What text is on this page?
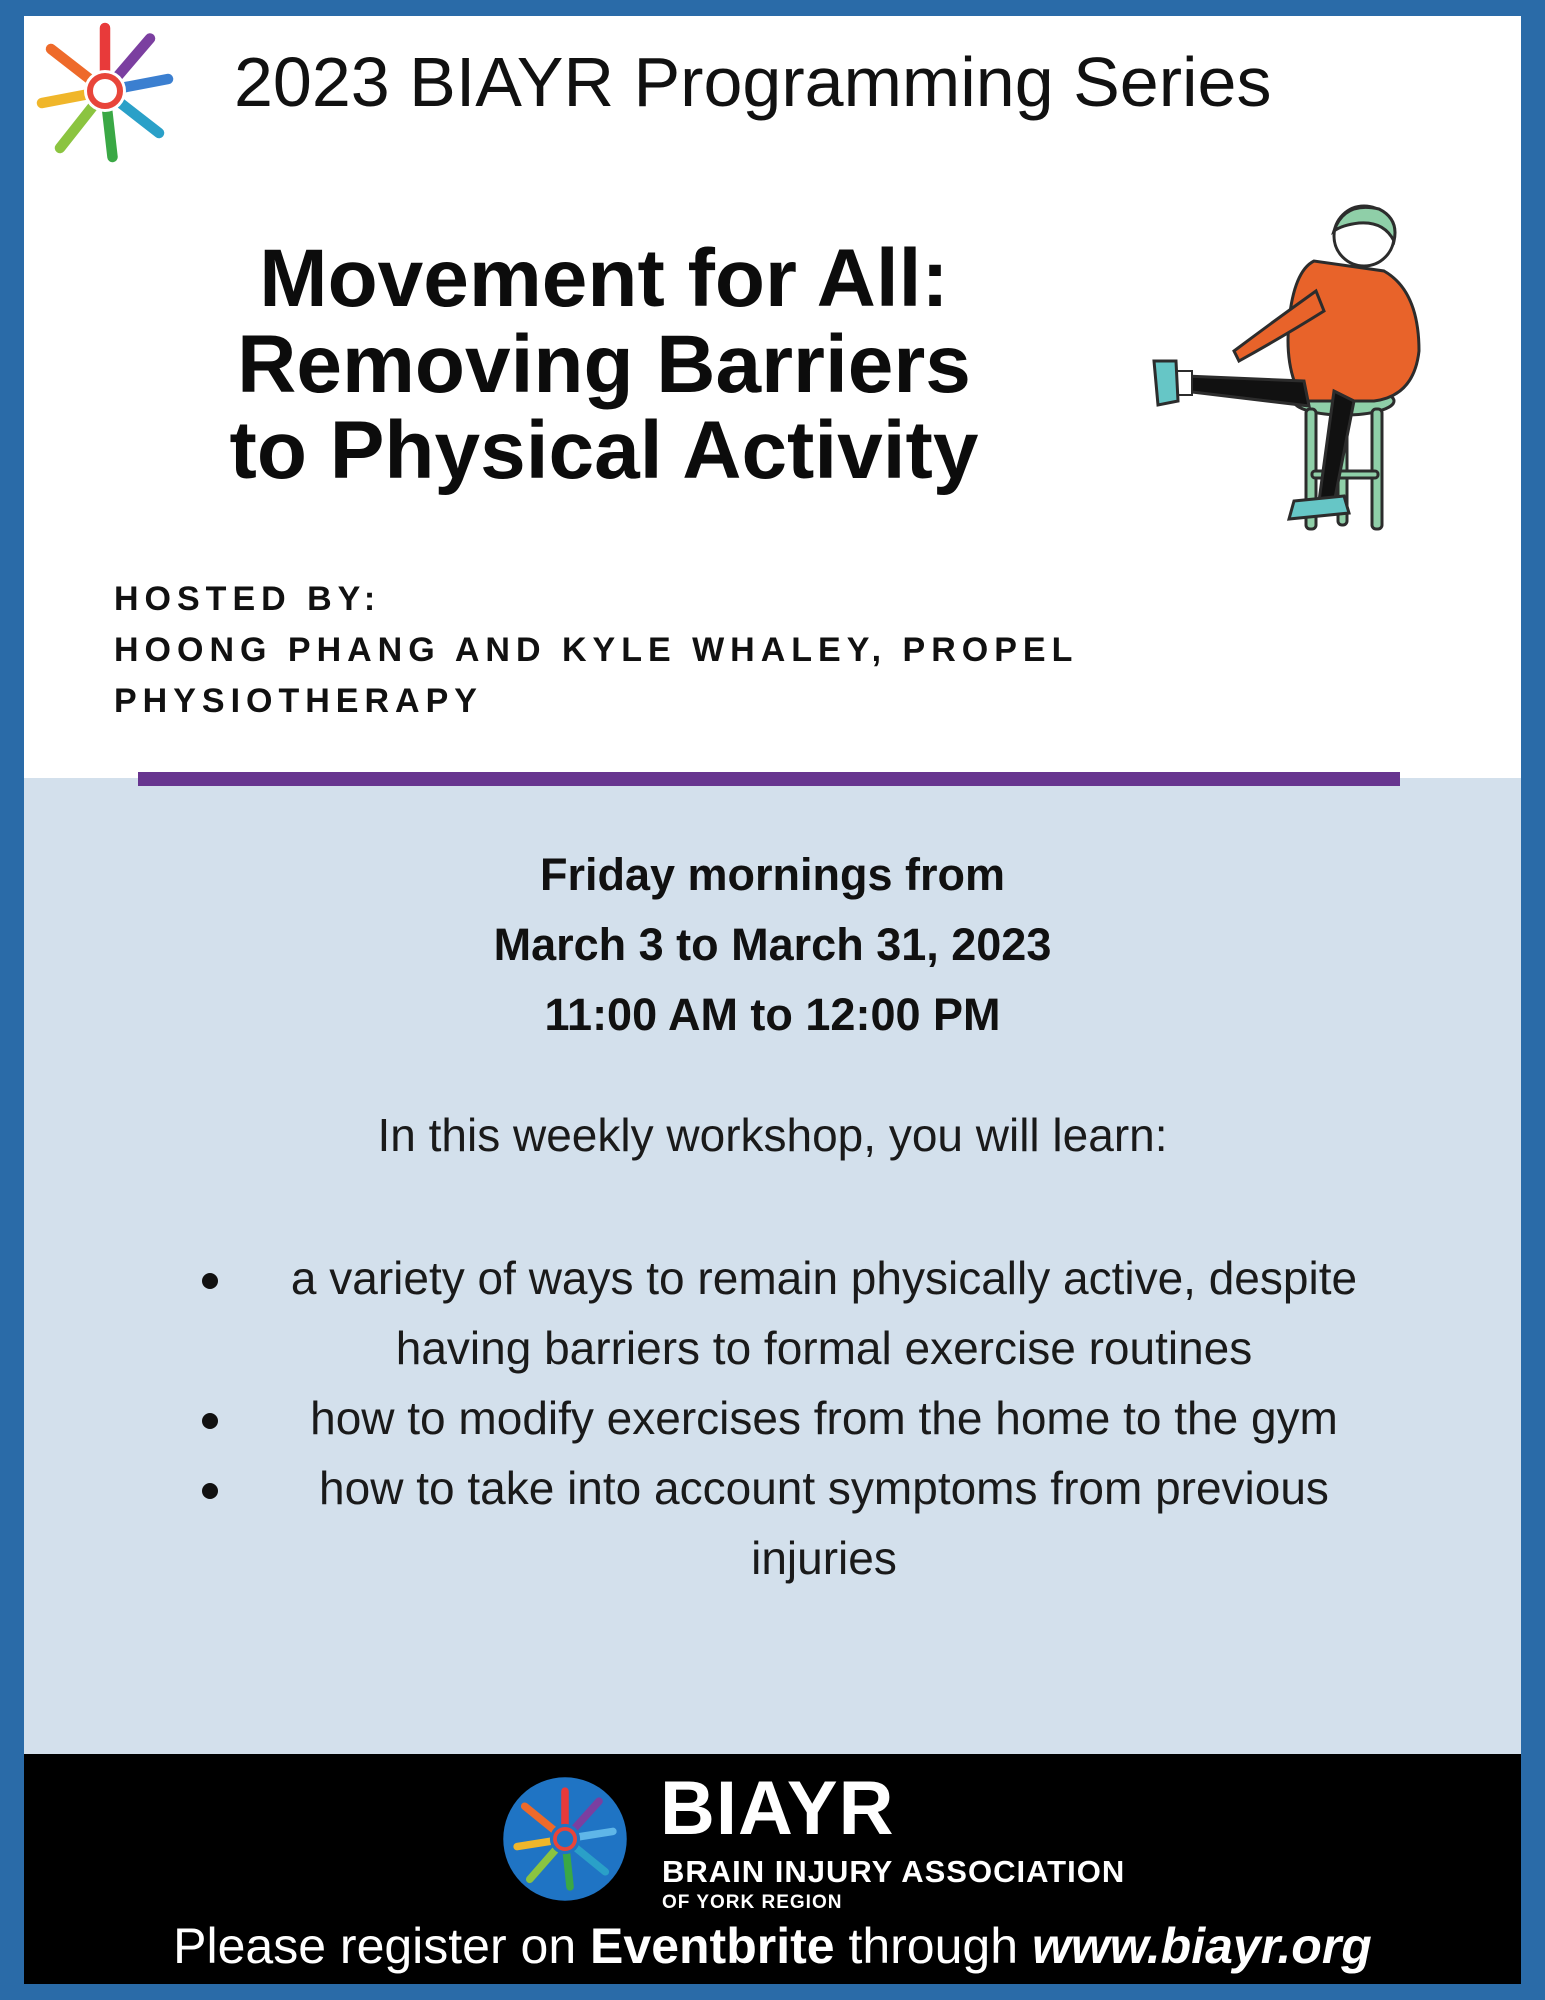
2023 BIAYR Programming Series
Movement for All:
Removing Barriers
to Physical Activity
HOSTED BY:
HOONG PHANG AND KYLE WHALEY, PROPEL
PHYSIOTHERAPY
Friday mornings from
March 3 to March 31, 2023
11:00 AM to 12:00 PM
In this weekly workshop, you will learn:
a variety of ways to remain physically active, despite having barriers to formal exercise routines
how to modify exercises from the home to the gym
how to take into account symptoms from previous injuries
BIAYR
BRAIN INJURY ASSOCIATION
OF YORK REGION
Please register on Eventbrite through www.biayr.org
